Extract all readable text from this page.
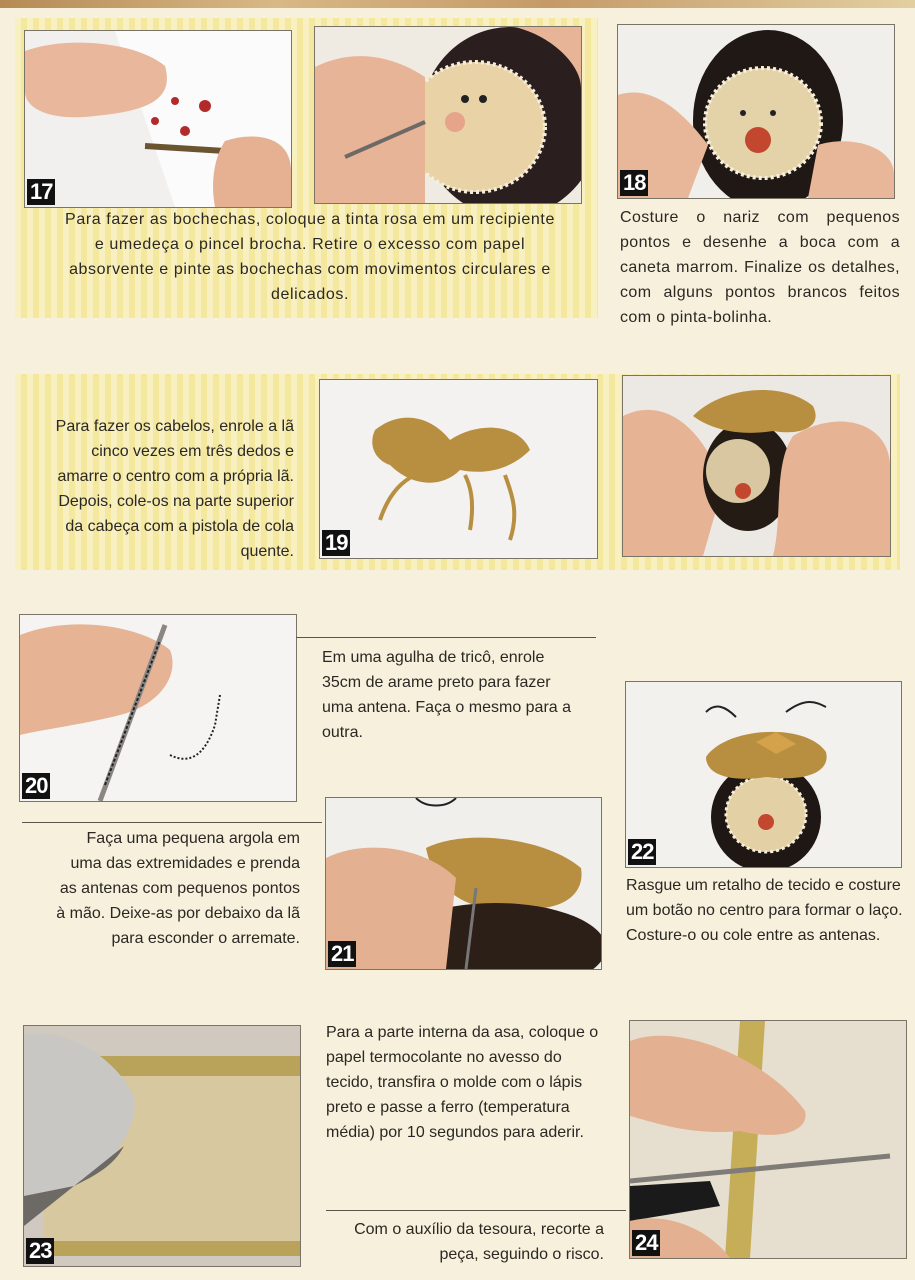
17

Para fazer as bochechas, coloque a tinta rosa em um recipiente e umedeça o pincel brocha. Retire o excesso com papel absorvente e pinte as bochechas com movimentos circulares e delicados.

18

Costure o nariz com pequenos pontos e desenhe a boca com a caneta marrom. Finalize os detalhes, com alguns pontos brancos feitos com o pinta-bolinha.

Para fazer os cabelos, enrole a lã cinco vezes em três dedos e amarre o centro com a própria lã. Depois, cole-os na parte superior da cabeça com a pistola de cola quente. 19
20

Em uma agulha de tricô, enrole 35cm de arame preto para fazer uma antena. Faça o mesmo para a outra.

Faça uma pequena argola em uma das extremidades e prenda as antenas com pequenos pontos à mão. Deixe-as por debaixo da lã para esconder o arremate.

21
22

Rasgue um retalho de tecido e costure um botão no centro para formar o laço. Costure-o ou cole entre as antenas.

23

Para a parte interna da asa, coloque o papel termocolante no avesso do tecido, transfira o molde com o lápis preto e passe a ferro (temperatura média) por 10 segundos para aderir.

Com o auxílio da tesoura, recorte a peça, seguindo o risco. 24
